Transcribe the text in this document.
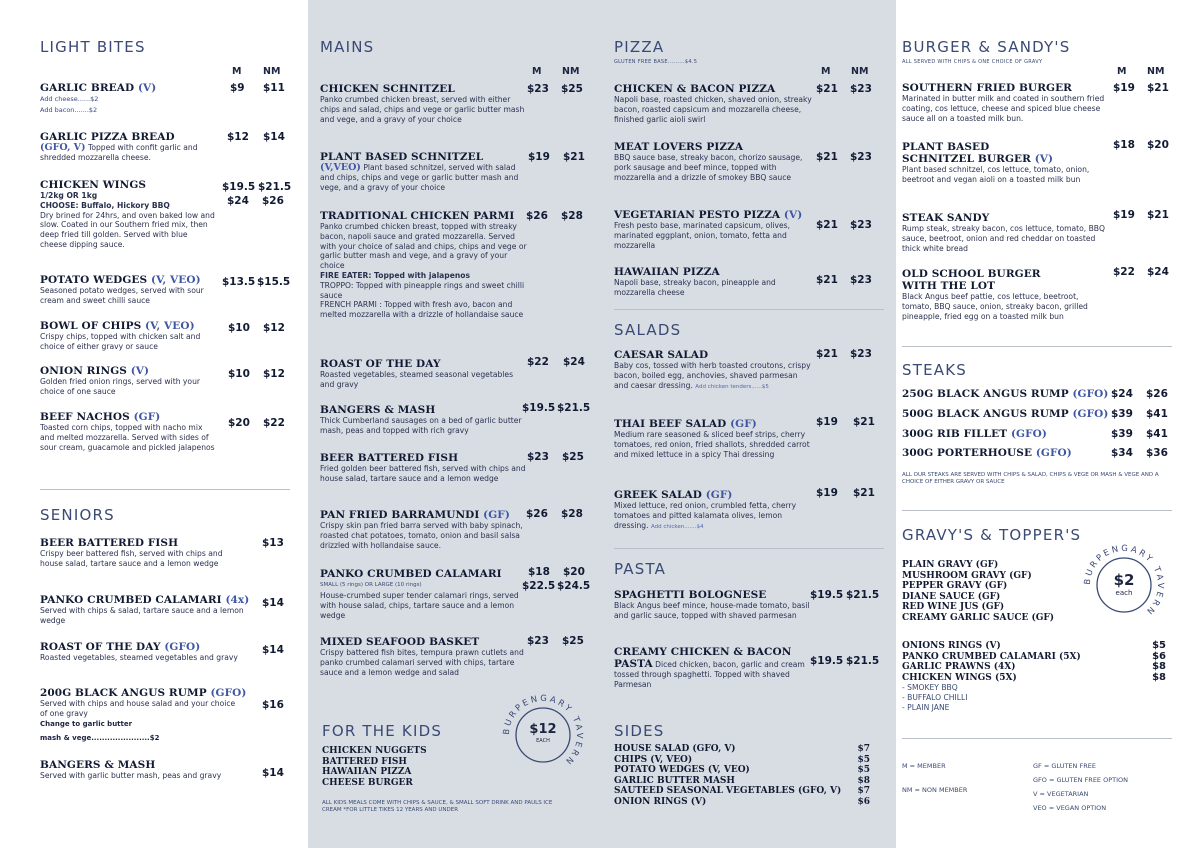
LIGHT BITES
M NM
GARLIC BREAD (V)
Add cheese......$2
Add bacon.......$2
$9 $11
GARLIC PIZZA BREAD
(GFO, V) Topped with confit garlic and shredded mozzarella cheese.
$12 $14
CHICKEN WINGS
1/2kg OR 1kg
CHOOSE: Buffalo, Hickory BBQ
Dry brined for 24hrs, and oven baked low and slow. Coated in our Southern fried mix, then deep fried till golden. Served with blue cheese dipping sauce.
$19.5 $21.5
$24 $26
POTATO WEDGES (V, VEO)
Seasoned potato wedges, served with sour cream and sweet chilli sauce
$13.5 $15.5
BOWL OF CHIPS (V, VEO)
Crispy chips, topped with chicken salt and choice of either gravy or sauce
$10 $12
ONION RINGS (V)
Golden fried onion rings, served with your choice of one sauce
$10 $12
BEEF NACHOS (GF)
Toasted corn chips, topped with nacho mix and melted mozzarella. Served with sides of sour cream, guacamole and pickled jalapenos
$20 $22
SENIORS
BEER BATTERED FISH
Crispy beer battered fish, served with chips and house salad, tartare sauce and a lemon wedge
$13
PANKO CRUMBED CALAMARI (4x)
Served with chips & salad, tartare sauce and a lemon wedge
$14
ROAST OF THE DAY (GFO)
Roasted vegetables, steamed vegetables and gravy
$14
200G BLACK ANGUS RUMP (GFO)
Served with chips and house salad and your choice of one gravy
Change to garlic butter
mash & vege......................$2
$16
BANGERS & MASH
Served with garlic butter mash, peas and gravy	$14
MAINS
M NM
CHICKEN SCHNITZEL
Panko crumbed chicken breast, served with either chips and salad, chips and vege or garlic butter mash and vege, and a gravy of your choice
$23 $25
PLANT BASED SCHNITZEL
(V,VEO) Plant based schnitzel, served with salad and chips, chips and vege or garlic butter mash and vege, and a gravy of your choice
$19 $21
TRADITIONAL CHICKEN PARMI
Panko crumbed chicken breast, topped with streaky bacon, napoli sauce and grated mozzarella. Served with your choice of salad and chips, chips and vege or garlic butter mash and vege, and a gravy of your choice
FIRE EATER: Topped with jalapenos
TROPPO: Topped with pineapple rings and sweet chilli sauce
FRENCH PARMI : Topped with fresh avo, bacon and melted mozzarella with a drizzle of hollandaise sauce
$26 $28
ROAST OF THE DAY
Roasted vegetables, steamed seasonal vegetables and gravy
$22 $24
BANGERS & MASH
Thick Cumberland sausages on a bed of garlic butter mash, peas and topped with rich gravy
$19.5 $21.5
BEER BATTERED FISH
Fried golden beer battered fish, served with chips and house salad, tartare sauce and a lemon wedge
$23 $25
PAN FRIED BARRAMUNDI (GF)
Crispy skin pan fried barra served with baby spinach, roasted chat potatoes, tomato, onion and basil salsa drizzled with hollandaise sauce.
$26 $28
PANKO CRUMBED CALAMARI
SMALL (5 rings) OR LARGE (10 rings)
House-crumbed super tender calamari rings, served with house salad, chips, tartare sauce and a lemon wedge
$18 $20
$22.5 $24.5
MIXED SEAFOOD BASKET
Crispy battered fish bites, tempura prawn cutlets and panko crumbed calamari served with chips, tartare sauce and a lemon wedge and salad
$23 $25
FOR THE KIDS
CHICKEN NUGGETS
BATTERED FISH
HAWAIIAN PIZZA
CHEESE BURGER
ALL KIDS MEALS COME WITH CHIPS & SAUCE, & SMALL SOFT DRINK AND PAULS ICE CREAM *FOR LITTLE TIKES 12 YEARS AND UNDER
BURPENGARY TAVERN
$12
EACH
PIZZA
GLUTEN FREE BASE.........$4.5
M NM
CHICKEN & BACON PIZZA
Napoli base, roasted chicken, shaved onion, streaky bacon, roasted capsicum and mozzarella cheese, finished garlic aioli swirl
$21 $23
MEAT LOVERS PIZZA
BBQ sauce base, streaky bacon, chorizo sausage, pork sausage and beef mince, topped with mozzarella and a drizzle of smokey BBQ sauce
$21 $23
VEGETARIAN PESTO PIZZA (V)
Fresh pesto base, marinated capsicum, olives, marinated eggplant, onion, tomato, fetta and mozzarella
$21 $23
HAWAIIAN PIZZA
Napoli base, streaky bacon, pineapple and mozzarella cheese
$21 $23
SALADS
CAESAR SALAD
Baby cos, tossed with herb toasted croutons, crispy bacon, boiled egg, anchovies, shaved parmesan and caesar dressing. Add chicken tenders......$5
$21 $23
THAI BEEF SALAD (GF)
Medium rare seasoned & sliced beef strips, cherry tomatoes, red onion, fried shallots, shredded carrot and mixed lettuce in a spicy Thai dressing
$19 $21
GREEK SALAD (GF)
Mixed lettuce, red onion, crumbled fetta, cherry tomatoes and pitted kalamata olives, lemon dressing. Add chicken.......$4
$19 $21
PASTA
SPAGHETTI BOLOGNESE
Black Angus beef mince, house-made tomato, basil and garlic sauce, topped with shaved parmesan
$19.5 $21.5
CREAMY CHICKEN & BACON
PASTA Diced chicken, bacon, garlic and cream tossed through spaghetti. Topped with shaved Parmesan
$19.5 $21.5
SIDES
HOUSE SALAD (GFO, V)	$7
CHIPS (V, VEO)	$5
POTATO WEDGES (V, VEO)	$5
GARLIC BUTTER MASH	$8
SAUTEED SEASONAL VEGETABLES (GFO, V) $7
ONION RINGS (V)	$6
BURGER & SANDY'S
ALL SERVED WITH CHIPS & ONE CHOICE OF GRAVY
M NM
SOUTHERN FRIED BURGER
Marinated in butter milk and coated in southern fried coating, cos lettuce, cheese and spiced blue cheese sauce all on a toasted milk bun.
$19 $21
PLANT BASED
SCHNITZEL BURGER (V)
Plant based schnitzel, cos lettuce, tomato, onion, beetroot and vegan aioli on a toasted milk bun
$18 $20
STEAK SANDY
Rump steak, streaky bacon, cos lettuce, tomato, BBQ sauce, beetroot, onion and red cheddar on toasted thick white bread
$19 $21
OLD SCHOOL BURGER
WITH THE LOT
Black Angus beef pattie, cos lettuce, beetroot, tomato, BBQ sauce, onion, streaky bacon, grilled pineapple, fried egg on a toasted milk bun
$22 $24
STEAKS
250G BLACK ANGUS RUMP (GFO) $24 $26
500G BLACK ANGUS RUMP (GFO) $39 $41
300G RIB FILLET (GFO)	$39 $41
300G PORTERHOUSE (GFO)	$34 $36
ALL OUR STEAKS ARE SERVED WITH CHIPS & SALAD, CHIPS & VEGE OR MASH & VEGE AND A CHOICE OF EITHER GRAVY OR SAUCE
GRAVY'S & TOPPER'S
PLAIN GRAVY (GF)
MUSHROOM GRAVY (GF)
PEPPER GRAVY (GF)
DIANE SAUCE (GF)
RED WINE JUS (GF)
CREAMY GARLIC SAUCE (GF)
BURPENGARY TAVERN
$2
each
ONIONS RINGS (V)	$5
PANKO CRUMBED CALAMARI (5X)	$6
GARLIC PRAWNS (4X)	$8
CHICKEN WINGS (5X)	$8
- SMOKEY BBQ
- BUFFALO CHILLI
- PLAIN JANE
M = MEMBER
NM = NON MEMBER
GF = GLUTEN FREE
GFO = GLUTEN FREE OPTION
V = VEGETARIAN
VEO = VEGAN OPTION
